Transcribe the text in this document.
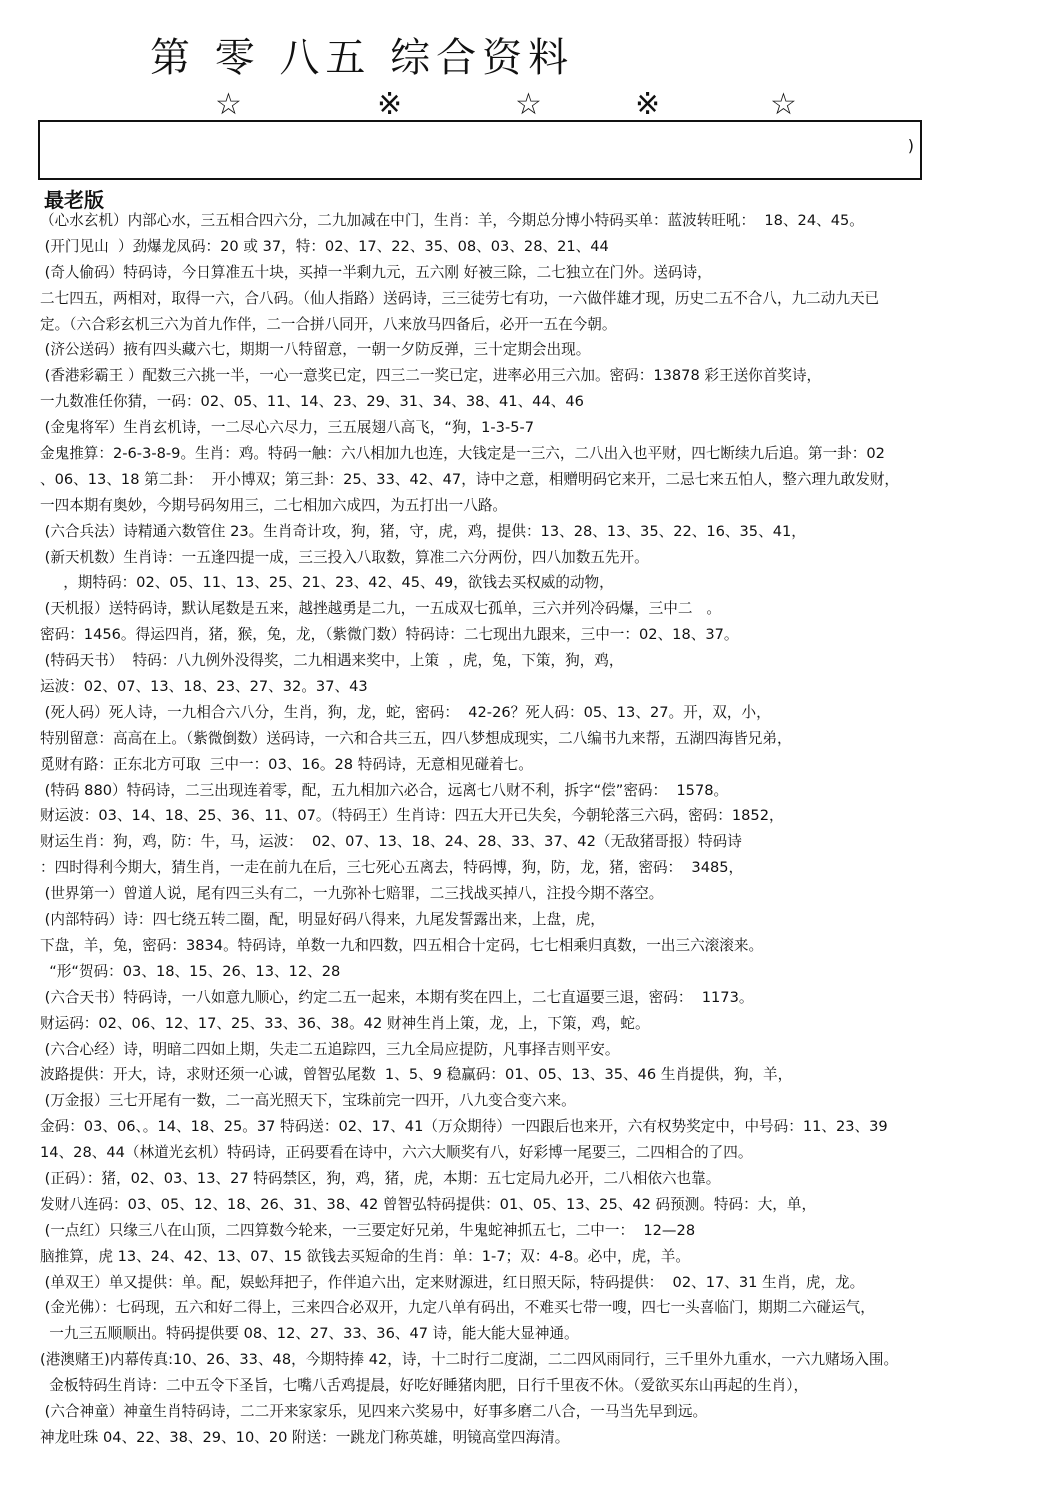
第 零 八五 综合资料
☆	※	☆	※	☆
)
最老版
（心水玄机）内部心水，三五相合四六分，二九加减在中门，生肖：羊，今期总分博小特码买单：蓝波转旺吼：  18、24、45。
(开门见山  ）劲爆龙凤码：20 或 37，特：02、17、22、35、08、03、28、21、44
(奇人偷码）特码诗，今日算准五十块，买掉一半剩九元，五六刚 好被三除，二七独立在门外。送码诗，
二七四五，两相对，取得一六，合八码。（仙人指路）送码诗，三三徒劳七有功，一六做伴雄才现，历史二五不合八，九二动九天已
定。（六合彩玄机三六为首九作伴，二一合拼八同开，八来放马四备后，必开一五在今朝。
(济公送码）掖有四头藏六七，期期一八特留意，一朝一夕防反弹，三十定期会出现。
(香港彩霸王 ）配数三六挑一半，一心一意奖已定，四三二一奖已定，进率必用三六加。密码：13878 彩王送你首奖诗，
一九数准任你猜，一码：02、05、11、14、23、29、31、34、38、41、44、46
(金鬼将军）生肖玄机诗，一二尽心六尽力，三五展翅八高飞，“狗，1-3-5-7
金鬼推算：2-6-3-8-9。生肖：鸡。特码一触：六八相加九也连，大钱定是一三六，二八出入也平财，四七断续九后追。第一卦：02
、06、13、18 第二卦：  开小博双；第三卦：25、33、42、47，诗中之意，相赠明码它来开，二忌七来五怕人，整六理九敢发财，
一四本期有奥妙，今期号码匆用三，二七相加六成四，为五打出一八路。
(六合兵法）诗精通六数管住 23。生肖奇计攻，狗，猪，守，虎，鸡，提供：13、28、13、35、22、16、35、41，
(新天机数）生肖诗：一五逢四提一成，三三投入八取数，算准二六分两份，四八加数五先开。
，期特码：02、05、11、13、25、21、23、42、45、49，欲钱去买权威的动物，
(天机报）送特码诗，默认尾数是五来，越挫越勇是二九，一五成双七孤单，三六并列冷码爆，三中二   。
密码：1456。得运四肖，猪，猴，兔，龙，（紫微门数）特码诗：二七现出九跟来，三中一：02、18、37。
(特码天书）  特码：八九例外没得奖，二九相遇来奖中，上策  ，虎，兔，下策，狗，鸡，
运波：02、07、13、18、23、27、32。37、43
(死人码）死人诗，一九相合六八分，生肖，狗，龙，蛇，密码：  42-26？死人码：05、13、27。开，双，小，
特别留意：高高在上。（紫微倒数）送码诗，一六和合共三五，四八梦想成现实，二八编书九来帮，五湖四海皆兄弟，
觅财有路：正东北方可取  三中一：03、16。28 特码诗，无意相见碰着七。
(特码 880）特码诗，二三出现连着零，配，五九相加六必合，远离七八财不利，拆字“偿”密码：  1578。
财运波：03、14、18、25、36、11、07。（特码王）生肖诗：四五大开已失矣，今朝轮落三六码，密码：1852，
财运生肖：狗，鸡，防：牛，马，运波：  02、07、13、18、24、28、33、37、42（无敌猪哥报）特码诗
：四时得利今期大，猜生肖，一走在前九在后，三七死心五离去，特码博，狗，防，龙，猪，密码：  3485，
(世界第一）曾道人说，尾有四三头有二，一九弥补七赔罪，二三找战买掉八，注投今期不落空。
(内部特码）诗：四七绕五转二圈，配，明显好码八得来，九尾发誓露出来，上盘，虎，
下盘，羊，兔，密码：3834。特码诗，单数一九和四数，四五相合十定码，七七相乘归真数，一出三六滚滚来。
“形“贺码：03、18、15、26、13、12、28
(六合天书）特码诗，一八如意九顺心，约定二五一起来，本期有奖在四上，二七直逼要三退，密码：  1173。
财运码：02、06、12、17、25、33、36、38。42 财神生肖上策，龙，上，下策，鸡，蛇。
(六合心经）诗，明暗二四如上期，失走二五追踪四，三九全局应提防，凡事择吉则平安。
波路提供：开大，诗，求财还须一心诚，曾智弘尾数  1、5、9 稳赢码：01、05、13、35、46 生肖提供，狗，羊，
(万金报）三七开尾有一数，二一高光照天下，宝珠前完一四开，八九变合变六来。
金码：03、06、。14、18、25。37 特码送：02、17、41（万众期待）一四跟后也来开，六有权势奖定中，中号码：11、23、39
14、28、44（林道光玄机）特码诗，正码要看在诗中，六六大顺奖有八，好彩博一尾要三，二四相合的了四。
(正码）：猪，02、03、13、27 特码禁区，狗，鸡，猪，虎，本期：五七定局九必开，二八相依六也靠。
发财八连码：03、05、12、18、26、31、38、42 曾智弘特码提供：01、05、13、25、42 码预测。特码：大，单，
(一点红）只缘三八在山顶，二四算数今轮来，一三要定好兄弟，牛鬼蛇神抓五七，二中一：  12—28
脑推算，虎 13、24、42、13、07、15 欲钱去买短命的生肖：单：1-7；双：4-8。必中，虎，羊。
(单双王）单又提供：单。配，娱蚣拜把子，作伴追六出，定来财源进，红日照天际，特码提供：  02、17、31 生肖，虎，龙。
(金光佛）：七码现，五六和好二得上，三来四合必双开，九定八单有码出，不难买七带一嗖，四七一头喜临门，期期二六碰运气，
一九三五顺顺出。特码提供要 08、12、27、33、36、47 诗，能大能大显神通。
(港澳赌王)内幕传真:10、26、33、48，今期特捧 42，诗，十二时行二度湖，二二四风雨同行，三千里外九重水，一六九赌场入围。
金板特码生肖诗：二中五令下圣旨，七嘴八舌鸡提晨，好吃好睡猪肉肥，日行千里夜不休。（爱欲买东山再起的生肖），
(六合神童）神童生肖特码诗，二二开来家家乐，见四来六奖易中，好事多磨二八合，一马当先早到远。
神龙吐珠 04、22、38、29、10、20 附送：一跳龙门称英雄，明镜高堂四海清。
